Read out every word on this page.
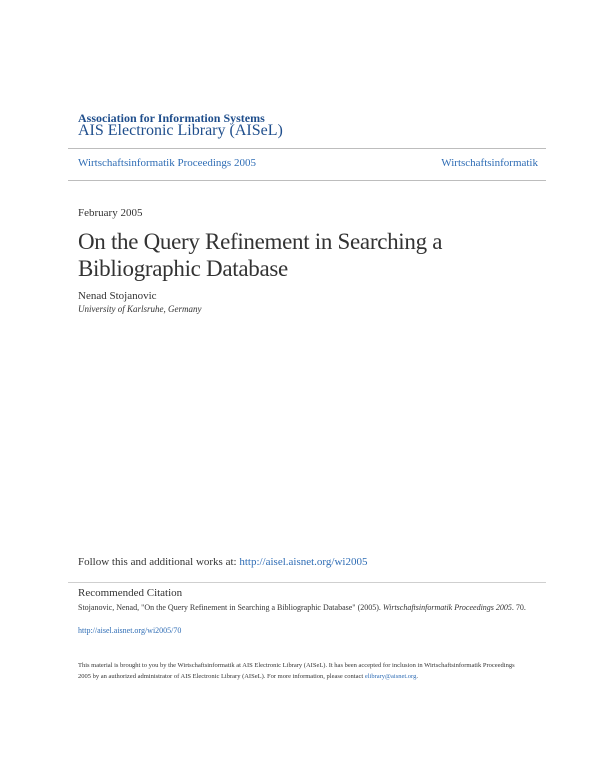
Association for Information Systems
AIS Electronic Library (AISeL)
Wirtschaftsinformatik Proceedings 2005	Wirtschaftsinformatik
February 2005
On the Query Refinement in Searching a Bibliographic Database
Nenad Stojanovic
University of Karlsruhe, Germany
Follow this and additional works at: http://aisel.aisnet.org/wi2005
Recommended Citation
Stojanovic, Nenad, "On the Query Refinement in Searching a Bibliographic Database" (2005). Wirtschaftsinformatik Proceedings 2005. 70.
http://aisel.aisnet.org/wi2005/70
This material is brought to you by the Wirtschaftsinformatik at AIS Electronic Library (AISeL). It has been accepted for inclusion in Wirtschaftsinformatik Proceedings 2005 by an authorized administrator of AIS Electronic Library (AISeL). For more information, please contact elibrary@aisnet.org.
